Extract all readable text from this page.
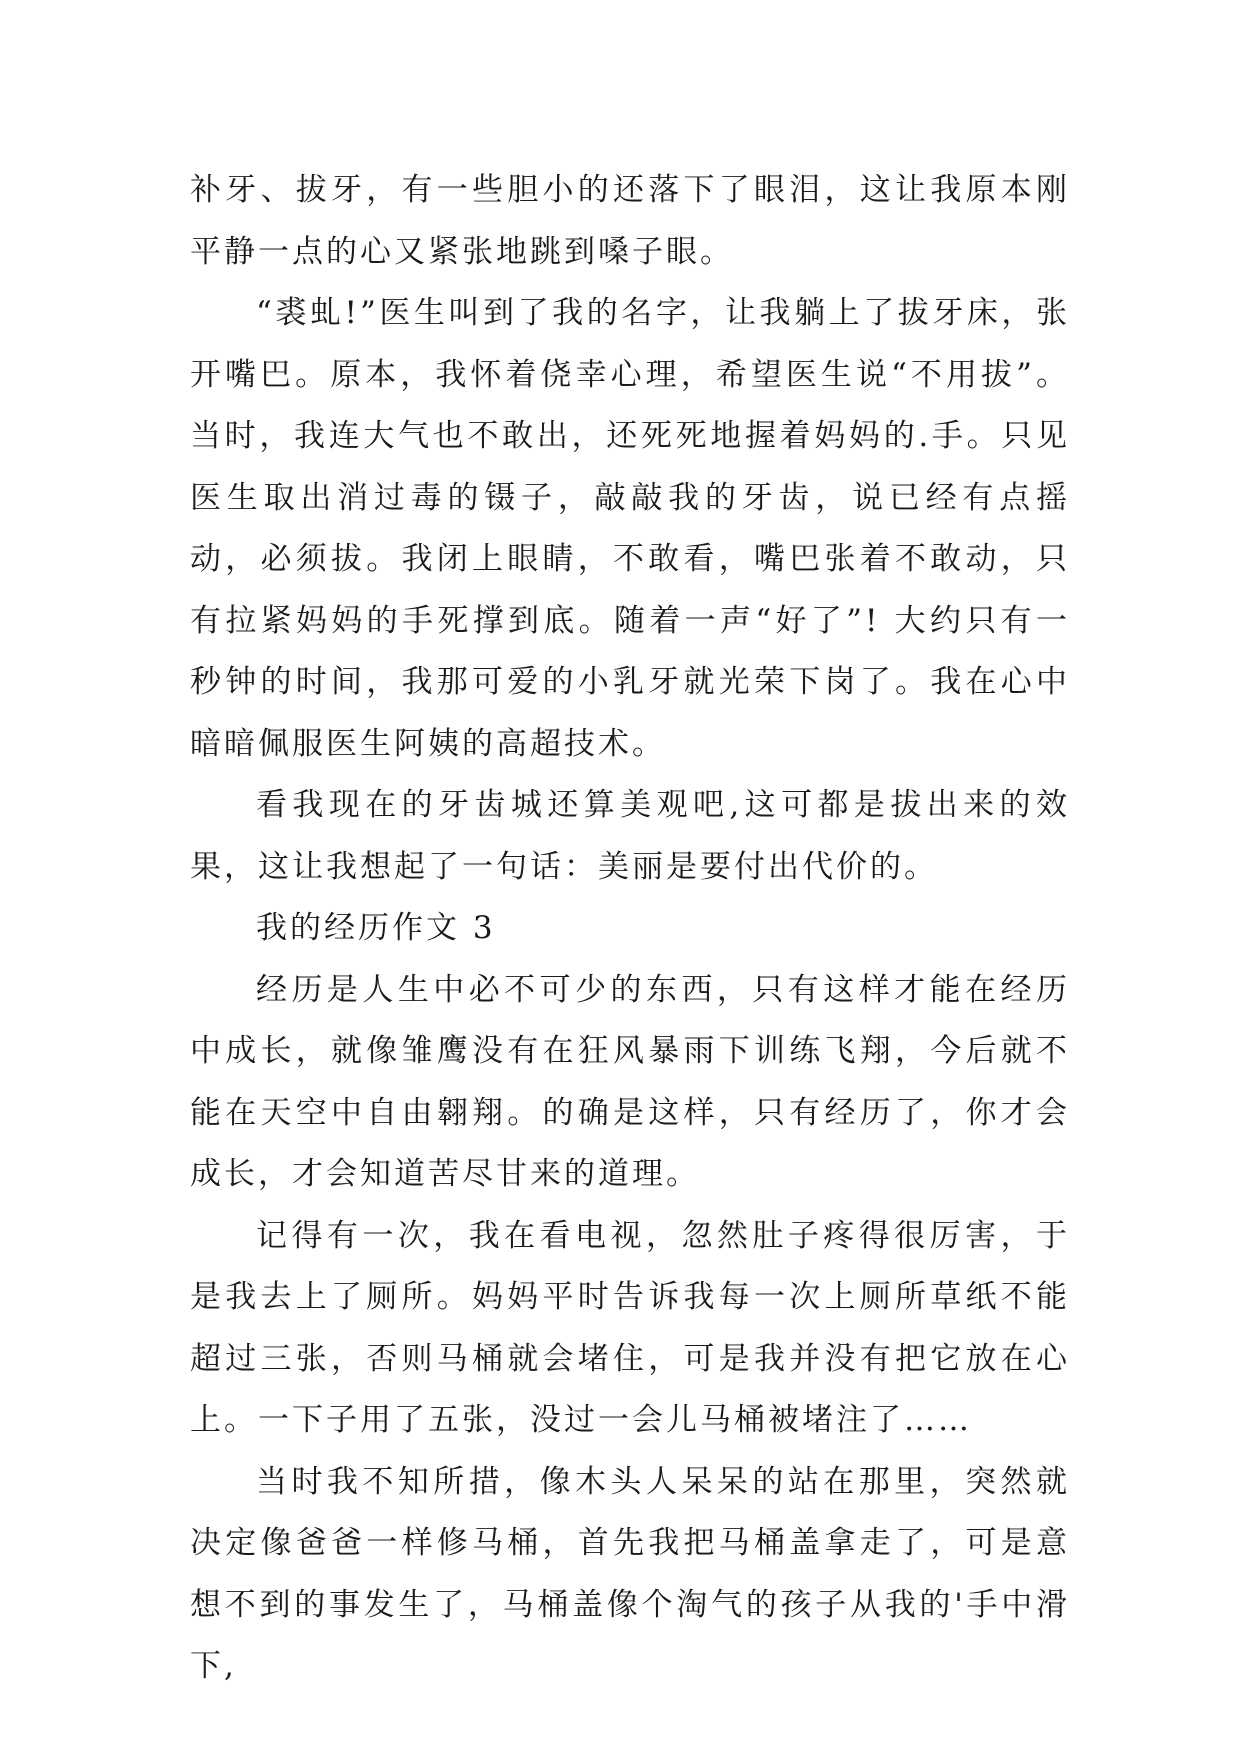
补牙、拔牙，有一些胆小的还落下了眼泪，这让我原本刚平静一点的心又紧张地跳到嗓子眼。

“裘虬!”医生叫到了我的名字，让我躺上了拔牙床，张开嘴巴。原本，我怀着侥幸心理，希望医生说“不用拔”。当时，我连大气也不敢出，还死死地握着妈妈的.手。只见医生取出消过毒的镊子，敲敲我的牙齿，说已经有点摇动，必须拔。我闭上眼睛，不敢看，嘴巴张着不敢动，只有拉紧妈妈的手死撑到底。随着一声“好了”! 大约只有一秒钟的时间，我那可爱的小乳牙就光荣下岗了。我在心中暗暗佩服医生阿姨的高超技术。

看我现在的牙齿城还算美观吧,这可都是拔出来的效果，这让我想起了一句话：美丽是要付出代价的。

我的经历作文 3

经历是人生中必不可少的东西，只有这样才能在经历中成长，就像雏鹰没有在狂风暴雨下训练飞翔，今后就不能在天空中自由翱翔。的确是这样，只有经历了，你才会成长，才会知道苦尽甘来的道理。

记得有一次，我在看电视，忽然肚子疼得很厉害，于是我去上了厕所。妈妈平时告诉我每一次上厕所草纸不能超过三张，否则马桶就会堵住，可是我并没有把它放在心上。一下子用了五张，没过一会儿马桶被堵注了……

当时我不知所措，像木头人呆呆的站在那里，突然就决定像爸爸一样修马桶，首先我把马桶盖拿走了，可是意想不到的事发生了，马桶盖像个淘气的孩子从我的'手中滑下,
